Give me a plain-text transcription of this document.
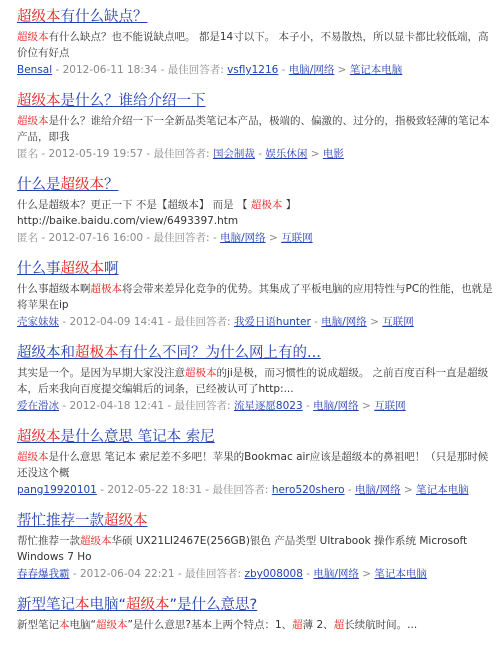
超级本有什么缺点？
超级本有什么缺点？也不能说缺点吧。 都是14寸以下。 本子小，不易散热，所以显卡都比较低端，高价位有好点
Bensal - 2012-06-11 18:34 - 最佳回答者: vsfly1216 - 电脑/网络 > 笔记本电脑
超级本是什么？谁给介绍一下
超级本是什么？谁给介绍一下一全新品类笔记本产品，极端的、偏激的、过分的，指极致轻薄的笔记本产品，即我
匿名 - 2012-05-19 19:57 - 最佳回答者: 国会制裁 - 娱乐休闲 > 电影
什么是超级本？
什么是超级本？更正一下 不是【超级本】 而是 【 超极本 】 http://baike.baidu.com/view/6493397.htm
匿名 - 2012-07-16 16:00 - 最佳回答者: - 电脑/网络 > 互联网
什么事超级本啊
什么事超级本啊超极本将会带来差异化竞争的优势。其集成了平板电脑的应用特性与PC的性能，也就是将苹果在ip
壳家妹妹 - 2012-04-09 14:41 - 最佳回答者: 我爱日语hunter - 电脑/网络 > 互联网
超级本和超极本有什么不同？为什么网上有的...
其实是一个。是因为早期大家没注意超极本的ji是极，而习惯性的说成超级。 之前百度百科一直是超级本，后来我向百度提交编辑后的词条，已经被认可了http:...
爱在滑冰 - 2012-04-18 12:41 - 最佳回答者: 流星逐愿8023 - 电脑/网络 > 互联网
超级本是什么意思 笔记本 索尼
超级本是什么意思 笔记本 索尼差不多吧！苹果的Bookmac air应该是超级本的鼻祖吧！（只是那时候还没这个概
pang19920101 - 2012-05-22 18:31 - 最佳回答者: hero520shero - 电脑/网络 > 笔记本电脑
帮忙推荐一款超级本
帮忙推荐一款超级本华硕 UX21LI2467E(256GB)银色 产品类型 Ultrabook 操作系统 Microsoft Windows 7 Ho
春春爆我霸 - 2012-06-04 22:21 - 最佳回答者: zby008008 - 电脑/网络 > 笔记本电脑
新型笔记本电脑“超级本”是什么意思?
新型笔记本电脑“超级本”是什么意思?基本上两个特点：1、超薄 2、超长续航时间。...
